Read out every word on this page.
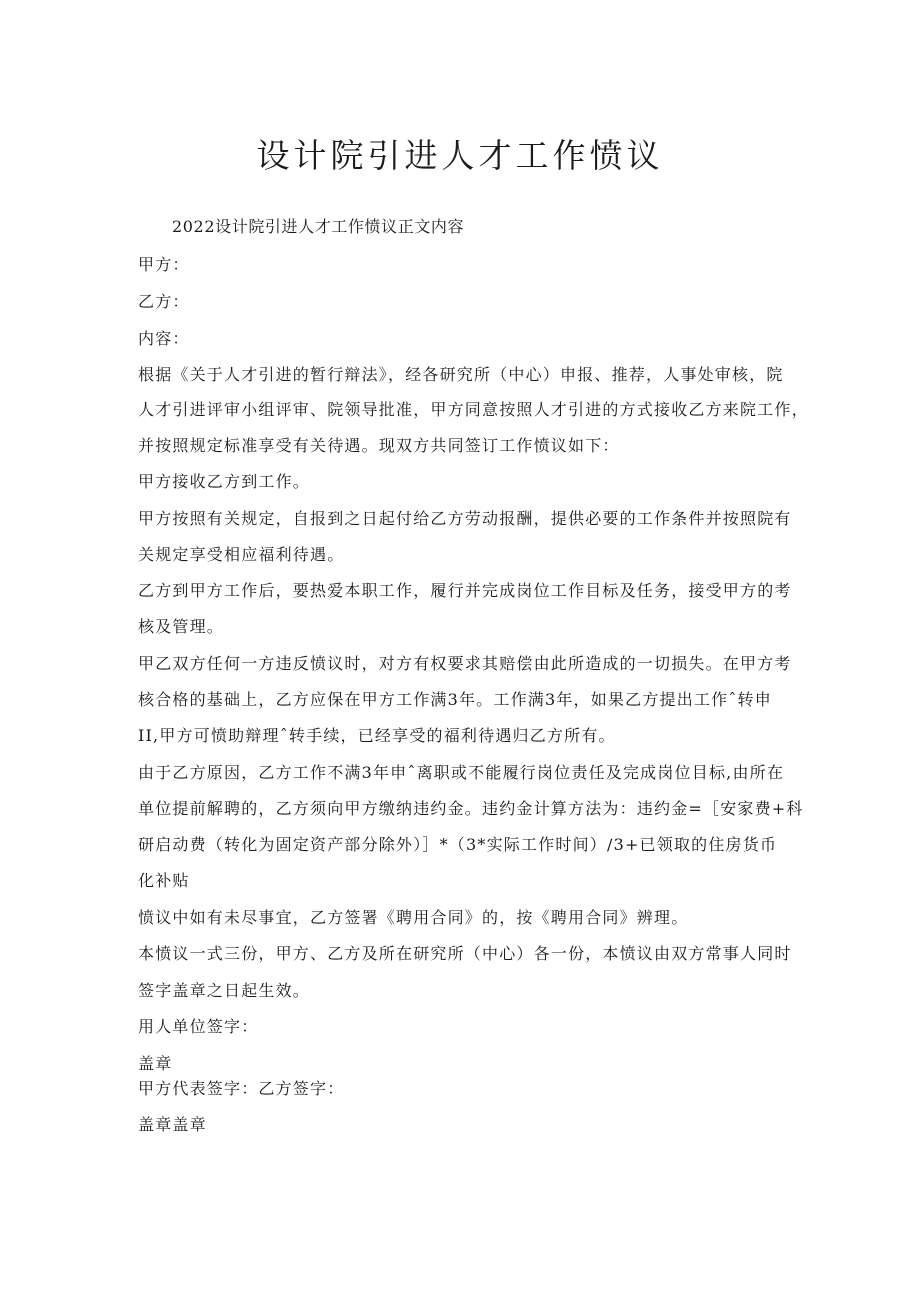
设计院引进人才工作愤议
2022设计院引进人才工作愤议正文内容
甲方：
乙方：
内容：
根据《关于人才引进的暂行辩法》，经各研究所（中心）申报、推荐，人事处审核，院
人才引进评审小组评审、院领导批准，甲方同意按照人才引进的方式接收乙方来院工作，
并按照规定标准享受有关待遇。现双方共同签订工作愤议如下：
甲方接收乙方到工作。
甲方按照有关规定，自报到之日起付给乙方劳动报酬，提供必要的工作条件并按照院有
关规定享受相应福利待遇。
乙方到甲方工作后，要热爱本职工作，履行并完成岗位工作目标及任务，接受甲方的考
核及管理。
甲乙双方任何一方违反愤议时，对方有权要求其赔偿由此所造成的一切损失。在甲方考
核合格的基础上，乙方应保在甲方工作满3年。工作满3年，如果乙方提出工作ˆ转申
II,甲方可愤助辩理ˆ转手续，已经享受的福利待遇归乙方所有。
由于乙方原因，乙方工作不满3年申ˆ离职或不能履行岗位责任及完成岗位目标,由所在
单位提前解聘的，乙方须向甲方缴纳违约金。违约金计算方法为：违约金=［安家费+科
研启动费（转化为固定资产部分除外）］*（3*实际工作时间）/3+已领取的住房货币
化补贴
愤议中如有未尽事宜，乙方签署《聘用合同》的，按《聘用合同》辨理。
本愤议一式三份，甲方、乙方及所在研究所（中心）各一份，本愤议由双方常事人同时
签字盖章之日起生效。
用人单位签字：
盖章
甲方代表签字：乙方签字：
盖章盖章
